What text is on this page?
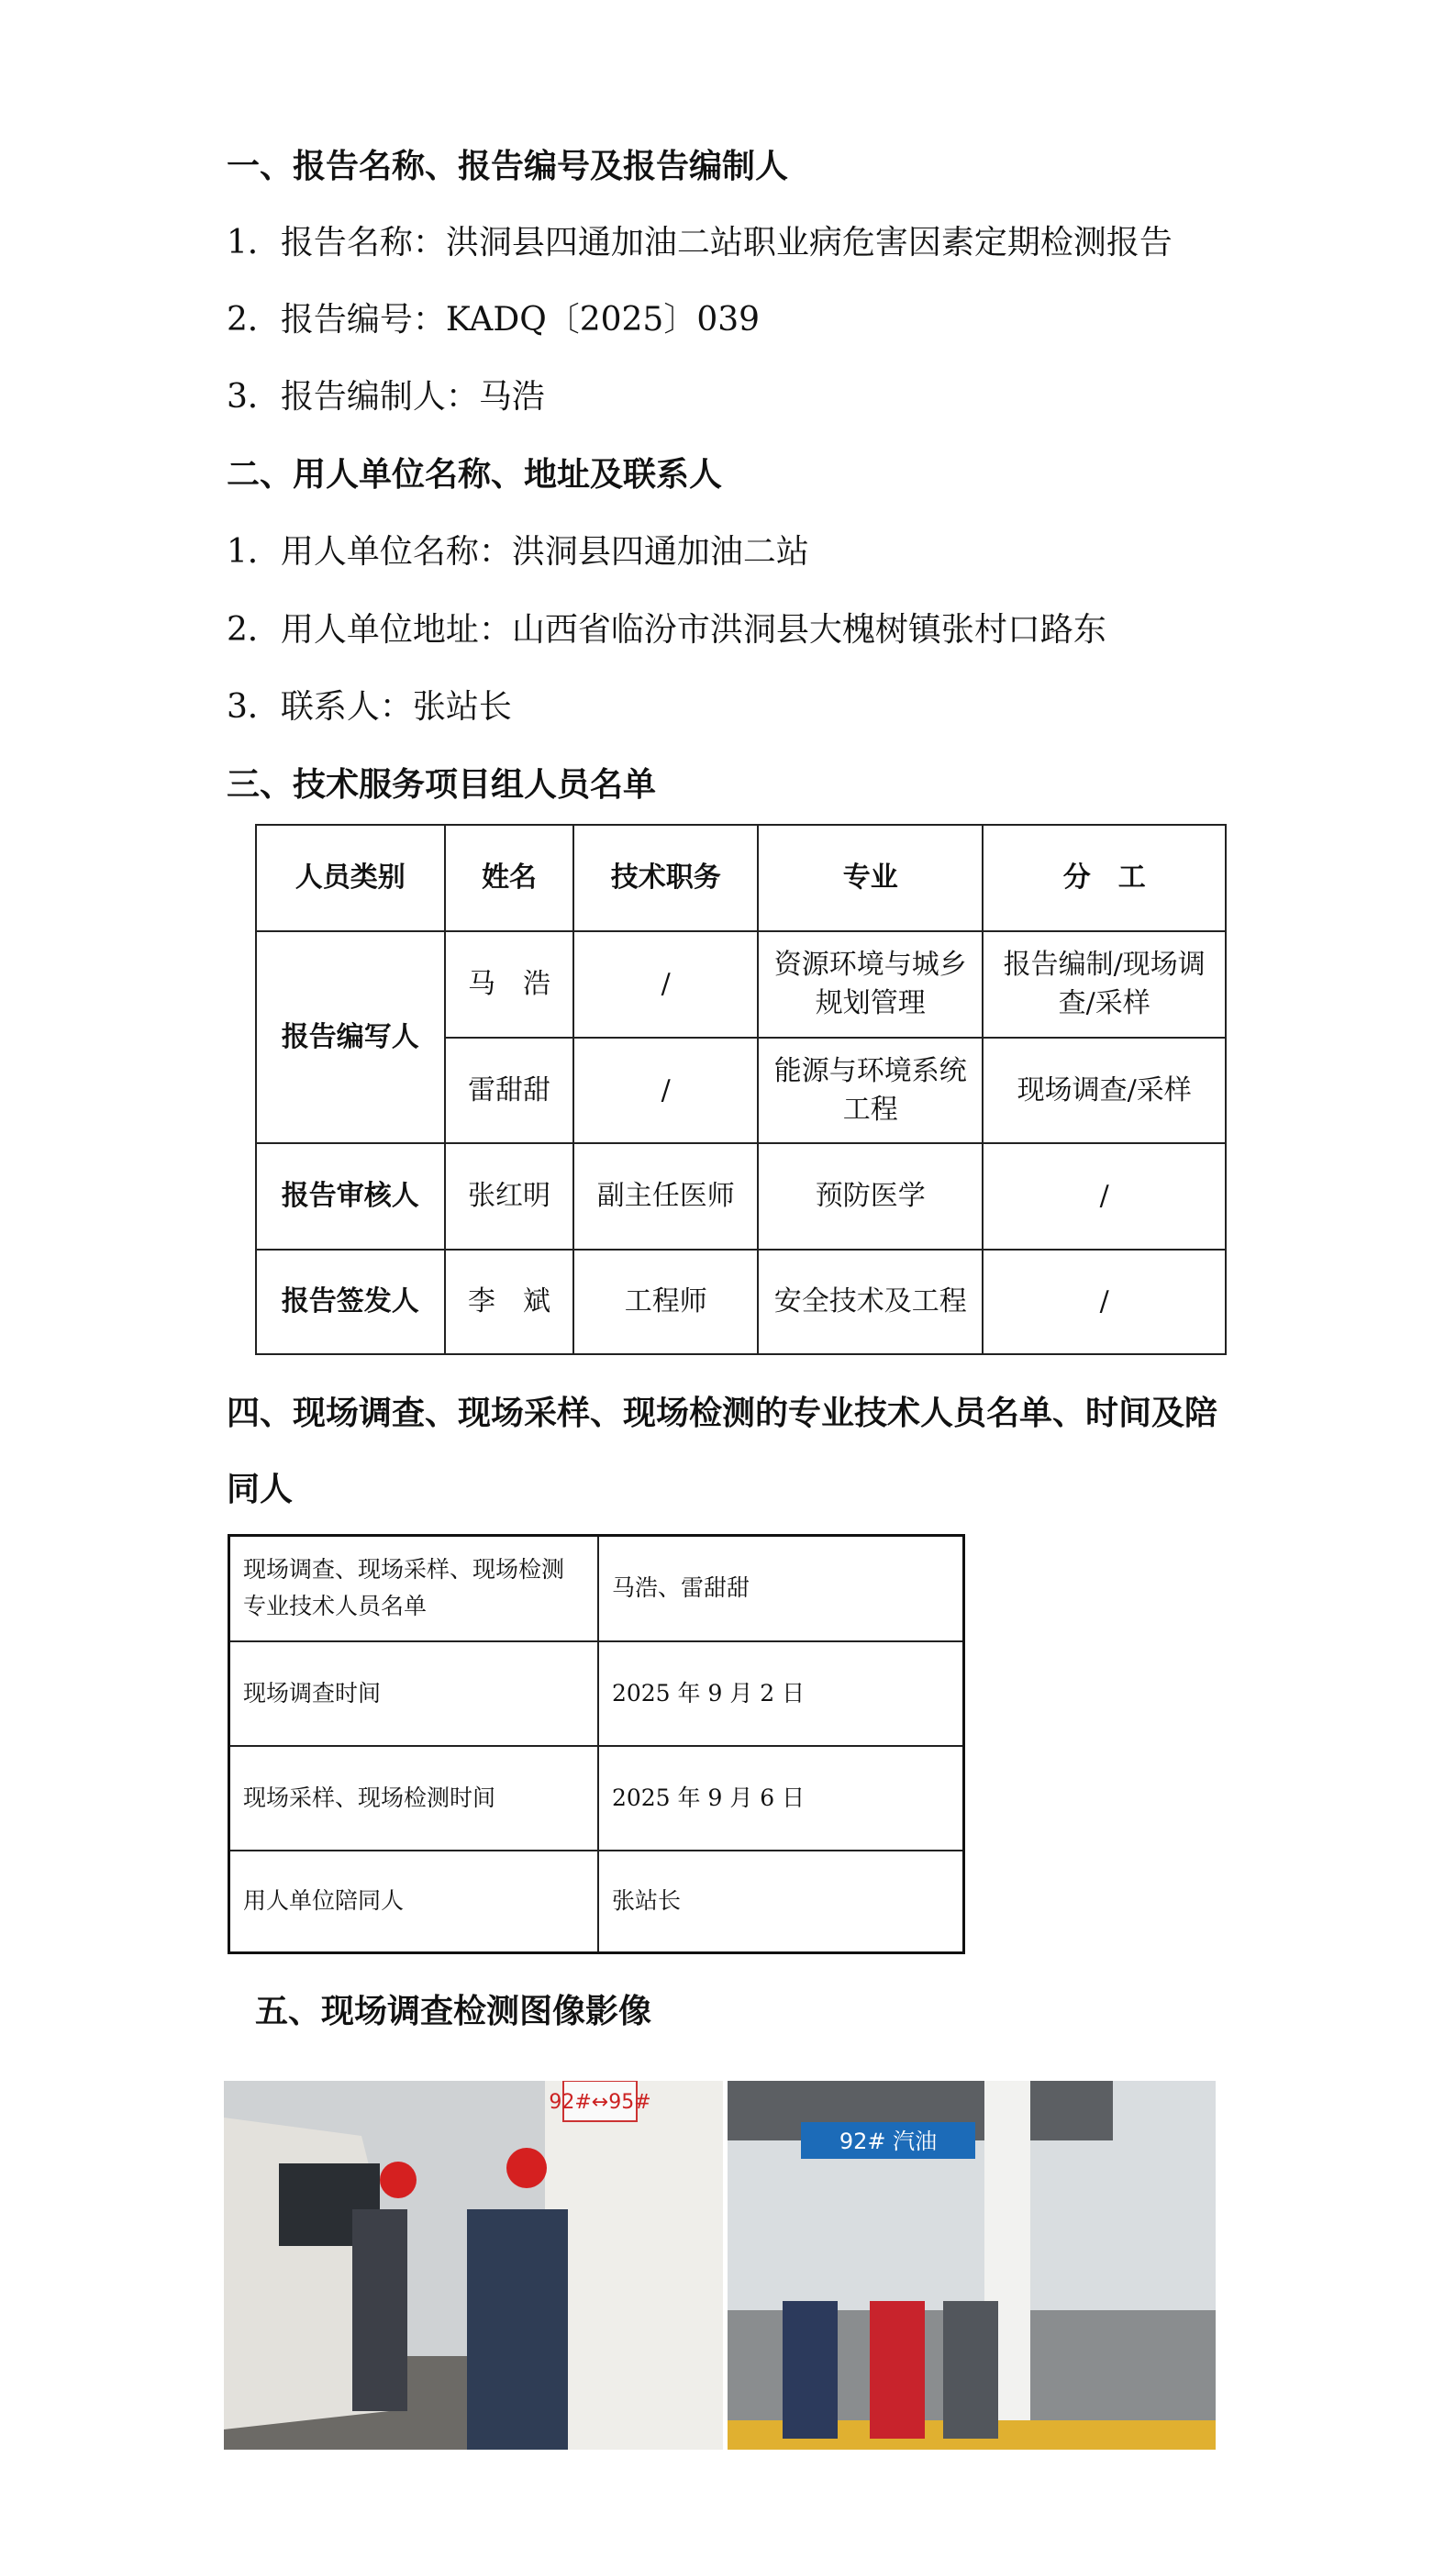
一、报告名称、报告编号及报告编制人
1．报告名称：洪洞县四通加油二站职业病危害因素定期检测报告
2．报告编号：KADQ〔2025〕039
3．报告编制人：马浩
二、用人单位名称、地址及联系人
1．用人单位名称：洪洞县四通加油二站
2．用人单位地址：山西省临汾市洪洞县大槐树镇张村口路东
3．联系人：张站长
三、技术服务项目组人员名单
人员类别	姓名	技术职务	专业	分　工
报告编写人	马　浩	/	资源环境与城乡规划管理	报告编制/现场调查/采样
	雷甜甜	/	能源与环境系统工程	现场调查/采样
报告审核人	张红明	副主任医师	预防医学	/
报告签发人	李　斌	工程师	安全技术及工程	/
四、现场调查、现场采样、现场检测的专业技术人员名单、时间及陪
同人
现场调查、现场采样、现场检测专业技术人员名单	马浩、雷甜甜
现场调查时间	2025 年 9 月 2 日
现场采样、现场检测时间	2025 年 9 月 6 日
用人单位陪同人	张站长
五、现场调查检测图像影像
92#↔95#
92# 汽油
